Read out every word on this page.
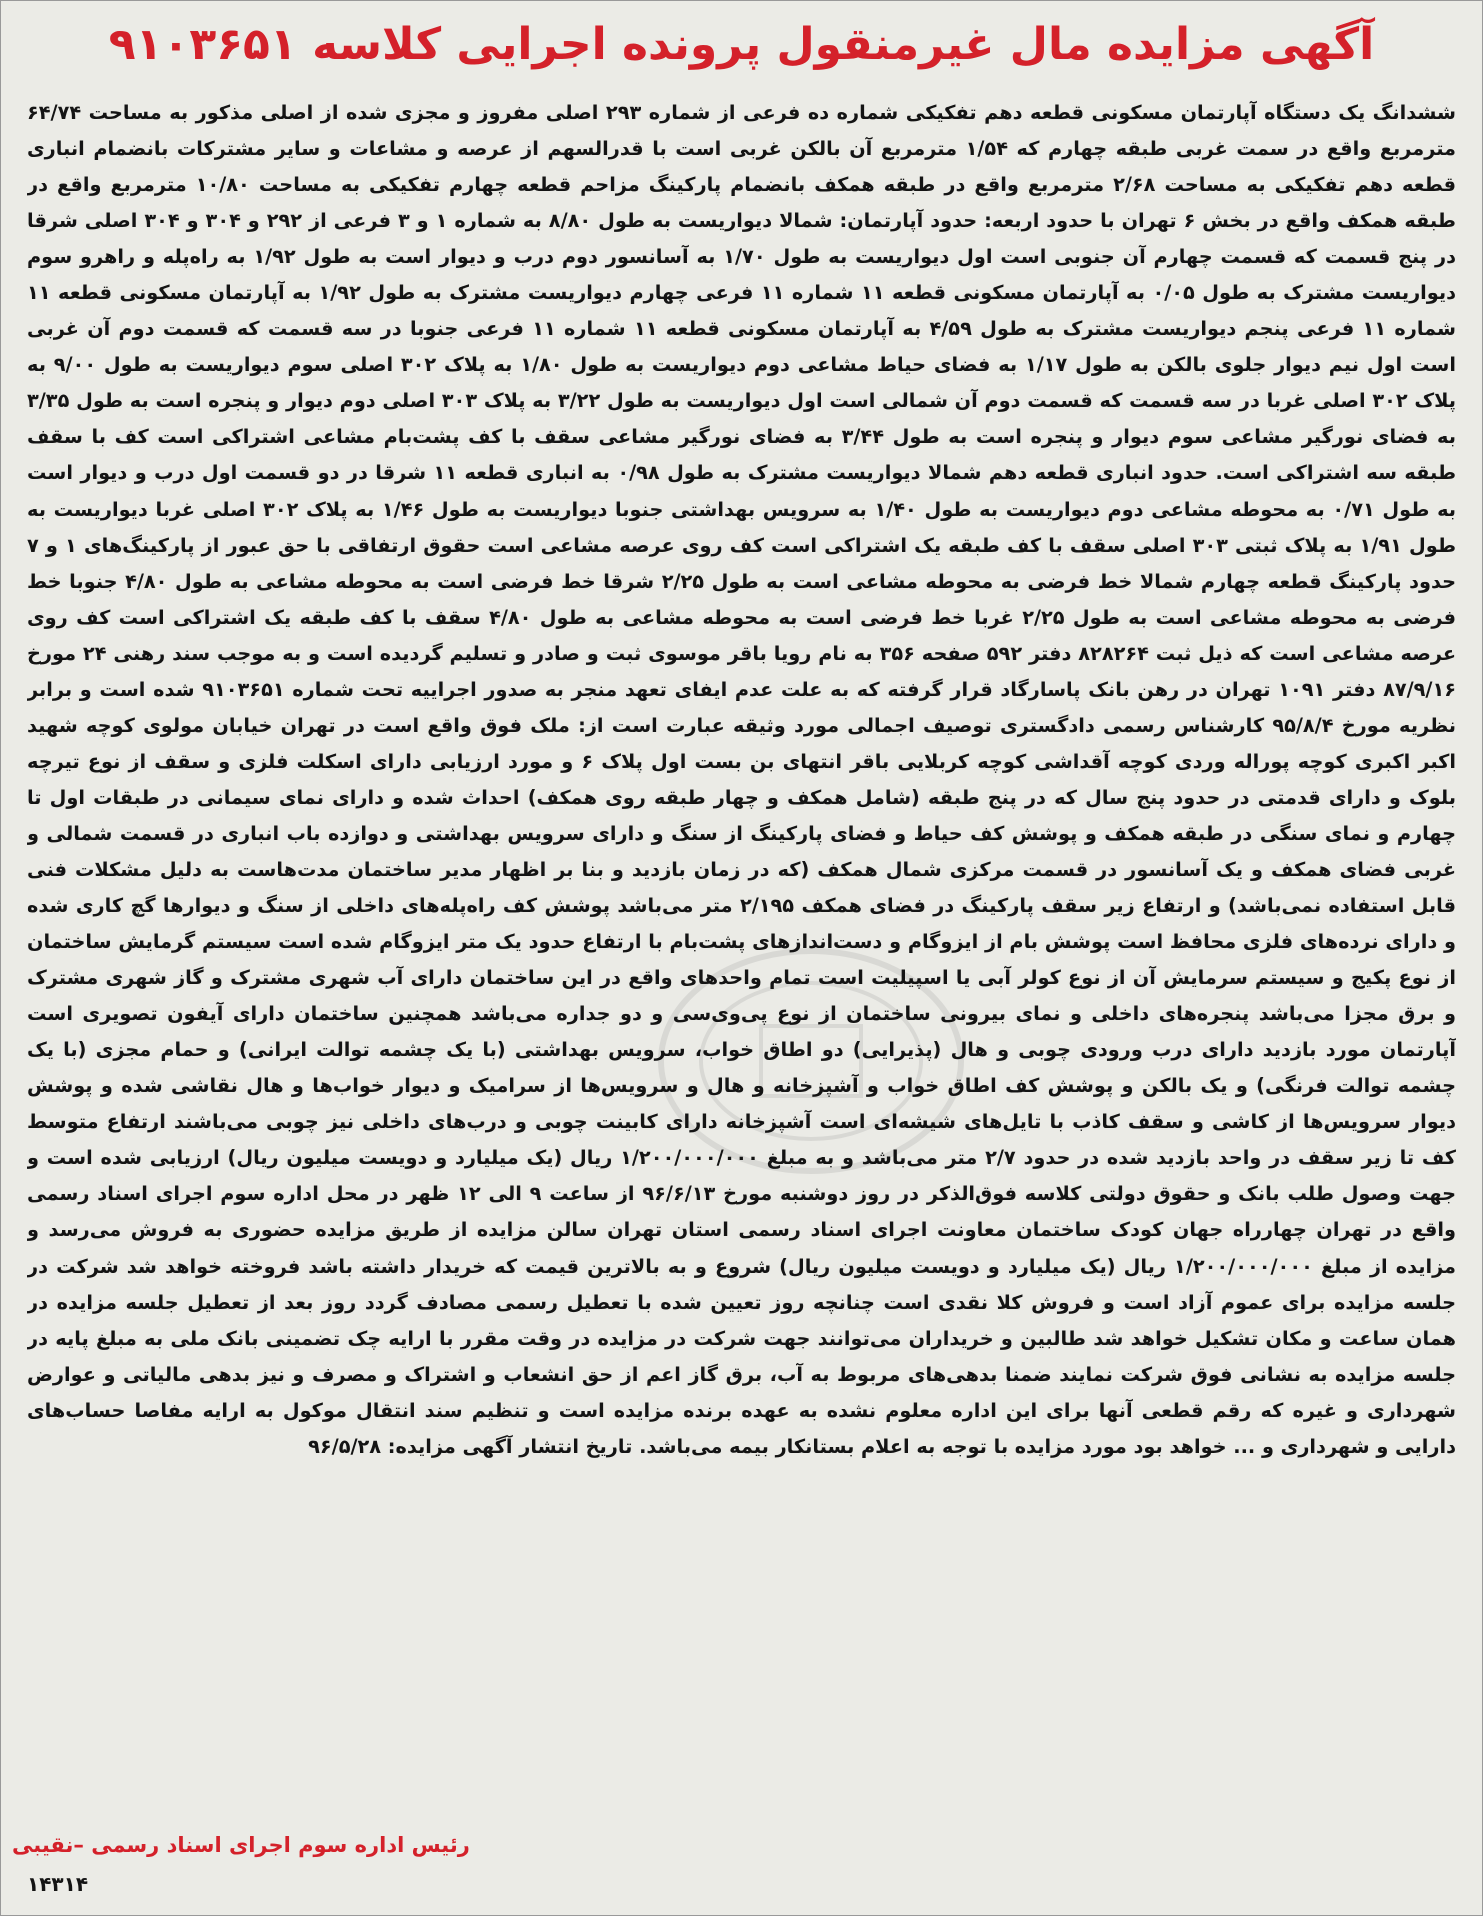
آگهی مزایده مال غیرمنقول پرونده اجرایی کلاسه ۹۱۰۳۶۵۱
ششدانگ یک دستگاه آپارتمان مسکونی قطعه دهم تفکیکی شماره ده فرعی از شماره ۲۹۳ اصلی مفروز و مجزی شده از اصلی مذکور به مساحت ۶۴/۷۴ مترمربع واقع در سمت غربی طبقه چهارم که ۱/۵۴ مترمربع آن بالکن غربی است با قدرالسهم از عرصه و مشاعات و سایر مشترکات بانضمام انباری قطعه دهم تفکیکی به مساحت ۲/۶۸ مترمربع واقع در طبقه همکف بانضمام پارکینگ مزاحم قطعه چهارم تفکیکی به مساحت ۱۰/۸۰ مترمربع واقع در طبقه همکف واقع در بخش ۶ تهران با حدود اربعه: حدود آپارتمان: شمالا دیواریست به طول ۸/۸۰ به شماره ۱ و ۳ فرعی از ۲۹۲ و ۳۰۴ و ۳۰۴ اصلی شرقا در پنج قسمت که قسمت چهارم آن جنوبی است اول دیواریست به طول ۱/۷۰ به آسانسور دوم درب و دیوار است به طول ۱/۹۲ به راه‌پله و راهرو سوم دیواریست مشترک به طول ۰/۰۵ به آپارتمان مسکونی قطعه ۱۱ شماره ۱۱ فرعی چهارم دیواریست مشترک به طول ۱/۹۲ به آپارتمان مسکونی قطعه ۱۱ شماره ۱۱ فرعی پنجم دیواریست مشترک به طول ۴/۵۹ به آپارتمان مسکونی قطعه ۱۱ شماره ۱۱ فرعی جنوبا در سه قسمت که قسمت دوم آن غربی است اول نیم دیوار جلوی بالکن به طول ۱/۱۷ به فضای حیاط مشاعی دوم دیواریست به طول ۱/۸۰ به پلاک ۳۰۲ اصلی سوم دیواریست به طول ۹/۰۰ به پلاک ۳۰۲ اصلی غربا در سه قسمت که قسمت دوم آن شمالی است اول دیواریست به طول ۳/۲۲ به پلاک ۳۰۳ اصلی دوم دیوار و پنجره است به طول ۳/۳۵ به فضای نورگیر مشاعی سوم دیوار و پنجره است به طول ۳/۴۴ به فضای نورگیر مشاعی سقف با کف پشت‌بام مشاعی اشتراکی است کف با سقف طبقه سه اشتراکی است. حدود انباری قطعه دهم شمالا دیواریست مشترک به طول ۰/۹۸ به انباری قطعه ۱۱ شرقا در دو قسمت اول درب و دیوار است به طول ۰/۷۱ به محوطه مشاعی دوم دیواریست به طول ۱/۴۰ به سرویس بهداشتی جنوبا دیواریست به طول ۱/۴۶ به پلاک ۳۰۲ اصلی غربا دیواریست به طول ۱/۹۱ به پلاک ثبتی ۳۰۳ اصلی سقف با کف طبقه یک اشتراکی است کف روی عرصه مشاعی است حقوق ارتفاقی با حق عبور از پارکینگ‌های ۱ و ۷ حدود پارکینگ قطعه چهارم شمالا خط فرضی به محوطه مشاعی است به طول ۲/۲۵ شرقا خط فرضی است به محوطه مشاعی به طول ۴/۸۰ جنوبا خط فرضی به محوطه مشاعی است به طول ۲/۲۵ غربا خط فرضی است به محوطه مشاعی به طول ۴/۸۰ سقف با کف طبقه یک اشتراکی است کف روی عرصه مشاعی است که ذیل ثبت ۸۲۸۲۶۴ دفتر ۵۹۲ صفحه ۳۵۶ به نام رویا باقر موسوی ثبت و صادر و تسلیم گردیده است و به موجب سند رهنی ۲۴ مورخ ۸۷/۹/۱۶ دفتر ۱۰۹۱ تهران در رهن بانک پاسارگاد قرار گرفته که به علت عدم ایفای تعهد منجر به صدور اجراییه تحت شماره ۹۱۰۳۶۵۱ شده است و برابر نظریه مورخ ۹۵/۸/۴ کارشناس رسمی دادگستری توصیف اجمالی مورد وثیقه عبارت است از: ملک فوق واقع است در تهران خیابان مولوی کوچه شهید اکبر اکبری کوچه پوراله وردی کوچه آقداشی کوچه کربلایی باقر انتهای بن بست اول پلاک ۶ و مورد ارزیابی دارای اسکلت فلزی و سقف از نوع تیرچه بلوک و دارای قدمتی در حدود پنج سال که در پنج طبقه (شامل همکف و چهار طبقه روی همکف) احداث شده و دارای نمای سیمانی در طبقات اول تا چهارم و نمای سنگی در طبقه همکف و پوشش کف حیاط و فضای پارکینگ از سنگ و دارای سرویس بهداشتی و دوازده باب انباری در قسمت شمالی و غربی فضای همکف و یک آسانسور در قسمت مرکزی شمال همکف (که در زمان بازدید و بنا بر اظهار مدیر ساختمان مدت‌هاست به دلیل مشکلات فنی قابل استفاده نمی‌باشد) و ارتفاع زیر سقف پارکینگ در فضای همکف ۲/۱۹۵ متر می‌باشد پوشش کف راه‌پله‌های داخلی از سنگ و دیوارها گچ کاری شده و دارای نرده‌های فلزی محافظ است پوشش بام از ایزوگام و دست‌اندازهای پشت‌بام با ارتفاع حدود یک متر ایزوگام شده است سیستم گرمایش ساختمان از نوع پکیج و سیستم سرمایش آن از نوع کولر آبی یا اسپیلیت است تمام واحدهای واقع در این ساختمان دارای آب شهری مشترک و گاز شهری مشترک و برق مجزا می‌باشد پنجره‌های داخلی و نمای بیرونی ساختمان از نوع پی‌وی‌سی و دو جداره می‌باشد همچنین ساختمان دارای آیفون تصویری است آپارتمان مورد بازدید دارای درب ورودی چوبی و هال (پذیرایی) دو اطاق خواب، سرویس بهداشتی (با یک چشمه توالت ایرانی) و حمام مجزی (با یک چشمه توالت فرنگی) و یک بالکن و پوشش کف اطاق خواب و آشپزخانه و هال و سرویس‌ها از سرامیک و دیوار خواب‌ها و هال نقاشی شده و پوشش دیوار سرویس‌ها از کاشی و سقف کاذب با تایل‌های شیشه‌ای است آشپزخانه دارای کابینت چوبی و درب‌های داخلی نیز چوبی می‌باشند ارتفاع متوسط کف تا زیر سقف در واحد بازدید شده در حدود ۲/۷ متر می‌باشد و به مبلغ ۱/۲۰۰/۰۰۰/۰۰۰ ریال (یک میلیارد و دویست میلیون ریال) ارزیابی شده است و جهت وصول طلب بانک و حقوق دولتی کلاسه فوق‌الذکر در روز دوشنبه مورخ ۹۶/۶/۱۳ از ساعت ۹ الی ۱۲ ظهر در محل اداره سوم اجرای اسناد رسمی واقع در تهران چهارراه جهان کودک ساختمان معاونت اجرای اسناد رسمی استان تهران سالن مزایده از طریق مزایده حضوری به فروش می‌رسد و مزایده از مبلغ ۱/۲۰۰/۰۰۰/۰۰۰ ریال (یک میلیارد و دویست میلیون ریال) شروع و به بالاترین قیمت که خریدار داشته باشد فروخته خواهد شد شرکت در جلسه مزایده برای عموم آزاد است و فروش کلا نقدی است چنانچه روز تعیین شده با تعطیل رسمی مصادف گردد روز بعد از تعطیل جلسه مزایده در همان ساعت و مکان تشکیل خواهد شد طالبین و خریداران می‌توانند جهت شرکت در مزایده در وقت مقرر با ارایه چک تضمینی بانک ملی به مبلغ پایه در جلسه مزایده به نشانی فوق شرکت نمایند ضمنا بدهی‌های مربوط به آب، برق گاز اعم از حق انشعاب و اشتراک و مصرف و نیز بدهی مالیاتی و عوارض شهرداری و غیره که رقم قطعی آنها برای این اداره معلوم نشده به عهده برنده مزایده است و تنظیم سند انتقال موکول به ارایه مفاصا حساب‌های دارایی و شهرداری و ... خواهد بود مورد مزایده با توجه به اعلام بستانکار بیمه می‌باشد. تاریخ انتشار آگهی مزایده: ۹۶/۵/۲۸
رئیس اداره سوم اجرای اسناد رسمی –نقیبی
۱۴۳۱۴
